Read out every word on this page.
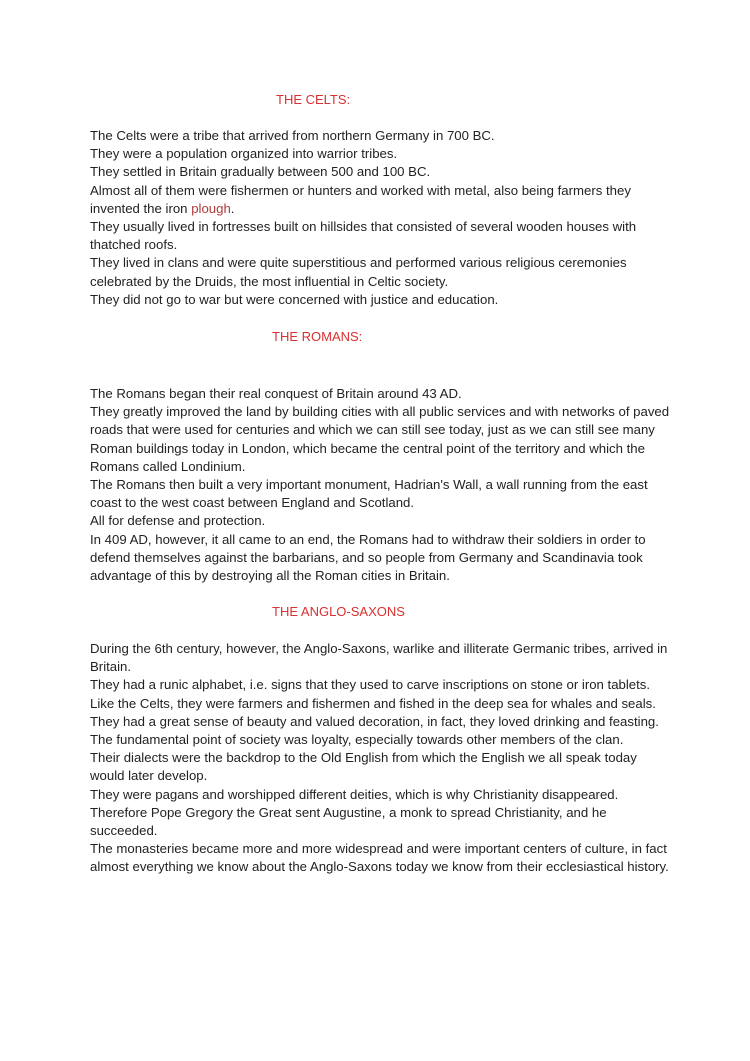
THE CELTS:

The Celts were a tribe that arrived from northern Germany in 700 BC.

They were a population organized into warrior tribes.

They settled in Britain gradually between 500 and 100 BC.

Almost all of them were fishermen or hunters and worked with metal, also being farmers they invented the iron plough.

They usually lived in fortresses built on hillsides that consisted of several wooden houses with thatched roofs.

They lived in clans and were quite superstitious and performed various religious ceremonies celebrated by the Druids, the most influential in Celtic society.

They did not go to war but were concerned with justice and education.

THE ROMANS:

The Romans began their real conquest of Britain around 43 AD.

They greatly improved the land by building cities with all public services and with networks of paved roads that were used for centuries and which we can still see today, just as we can still see many Roman buildings today in London, which became the central point of the territory and which the Romans called Londinium.

The Romans then built a very important monument, Hadrian's Wall, a wall running from the east coast to the west coast between England and Scotland.

All for defense and protection.

In 409 AD, however, it all came to an end, the Romans had to withdraw their soldiers in order to defend themselves against the barbarians, and so people from Germany and Scandinavia took advantage of this by destroying all the Roman cities in Britain.

THE ANGLO-SAXONS

During the 6th century, however, the Anglo-Saxons, warlike and illiterate Germanic tribes, arrived in Britain.

They had a runic alphabet, i.e. signs that they used to carve inscriptions on stone or iron tablets.

Like the Celts, they were farmers and fishermen and fished in the deep sea for whales and seals.

They had a great sense of beauty and valued decoration, in fact, they loved drinking and feasting.

The fundamental point of society was loyalty, especially towards other members of the clan.

Their dialects were the backdrop to the Old English from which the English we all speak today would later develop.

They were pagans and worshipped different deities, which is why Christianity disappeared.

Therefore Pope Gregory the Great sent Augustine, a monk to spread Christianity, and he succeeded.

The monasteries became more and more widespread and were important centers of culture, in fact almost everything we know about the Anglo-Saxons today we know from their ecclesiastical history.
